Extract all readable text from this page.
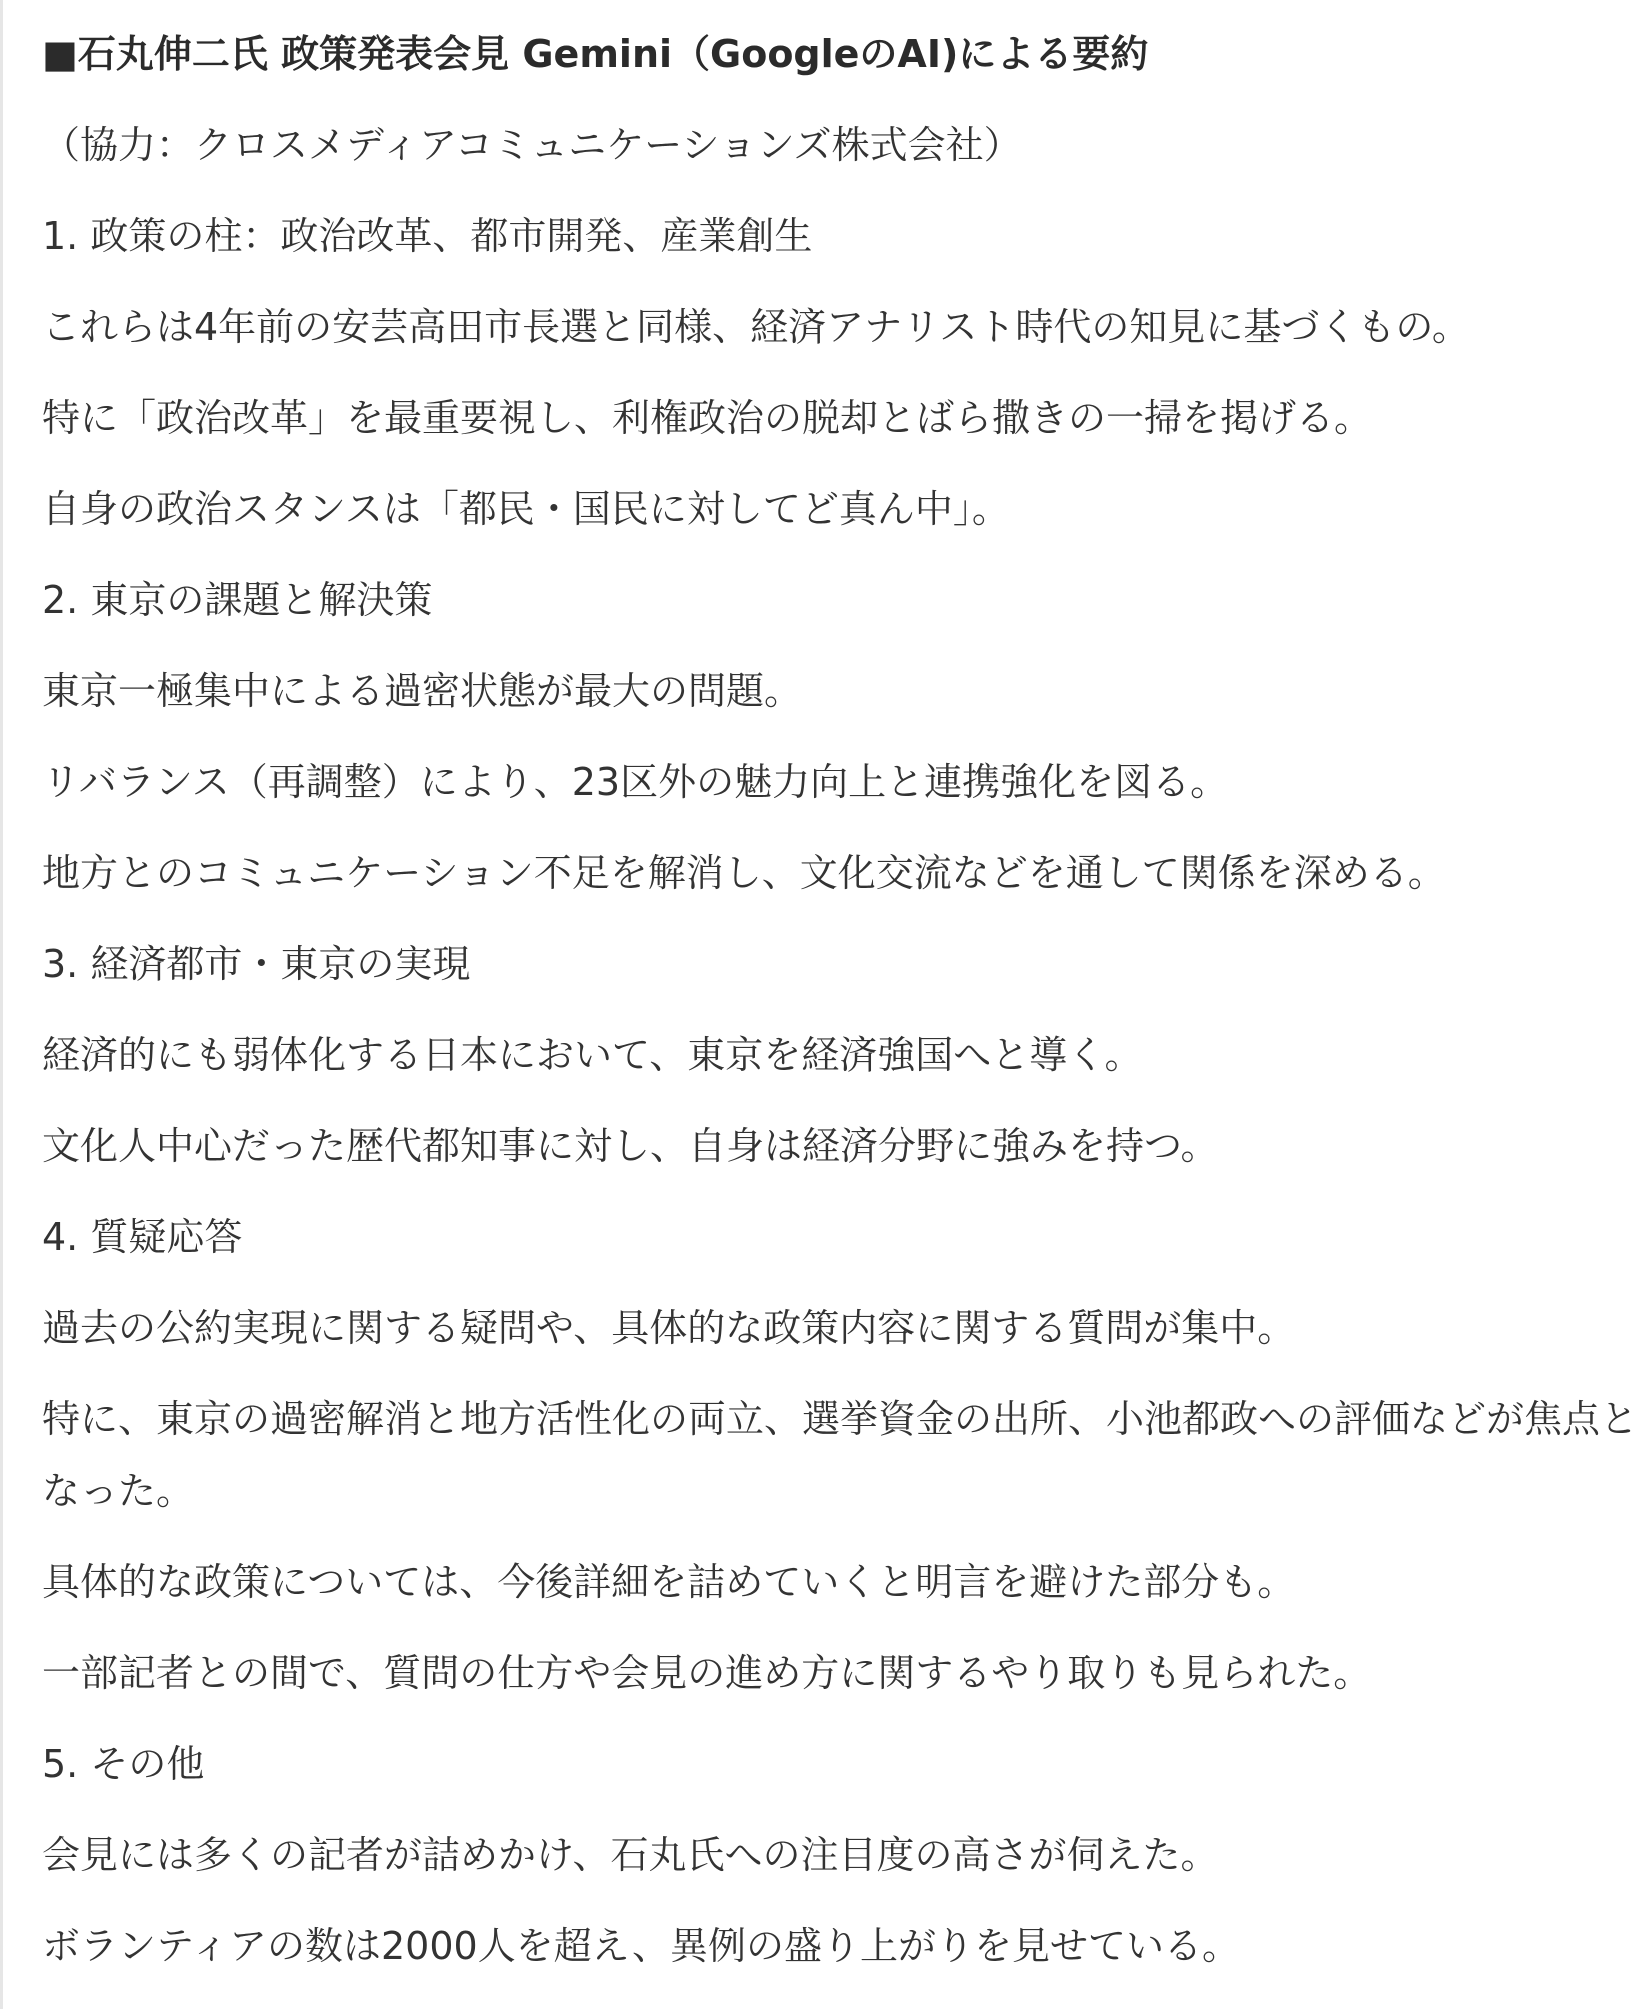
■石丸伸二氏 政策発表会見 Gemini（GoogleのAI)による要約
（協力：クロスメディアコミュニケーションズ株式会社）
1. 政策の柱：政治改革、都市開発、産業創生
これらは4年前の安芸高田市長選と同様、経済アナリスト時代の知見に基づくもの。
特に「政治改革」を最重要視し、利権政治の脱却とばら撒きの一掃を掲げる。
自身の政治スタンスは「都民・国民に対してど真ん中」。
2. 東京の課題と解決策
東京一極集中による過密状態が最大の問題。
リバランス（再調整）により、23区外の魅力向上と連携強化を図る。
地方とのコミュニケーション不足を解消し、文化交流などを通して関係を深める。
3. 経済都市・東京の実現
経済的にも弱体化する日本において、東京を経済強国へと導く。
文化人中心だった歴代都知事に対し、自身は経済分野に強みを持つ。
4. 質疑応答
過去の公約実現に関する疑問や、具体的な政策内容に関する質問が集中。
特に、東京の過密解消と地方活性化の両立、選挙資金の出所、小池都政への評価などが焦点となった。
具体的な政策については、今後詳細を詰めていくと明言を避けた部分も。
一部記者との間で、質問の仕方や会見の進め方に関するやり取りも見られた。
5. その他
会見には多くの記者が詰めかけ、石丸氏への注目度の高さが伺えた。
ボランティアの数は2000人を超え、異例の盛り上がりを見せている。
